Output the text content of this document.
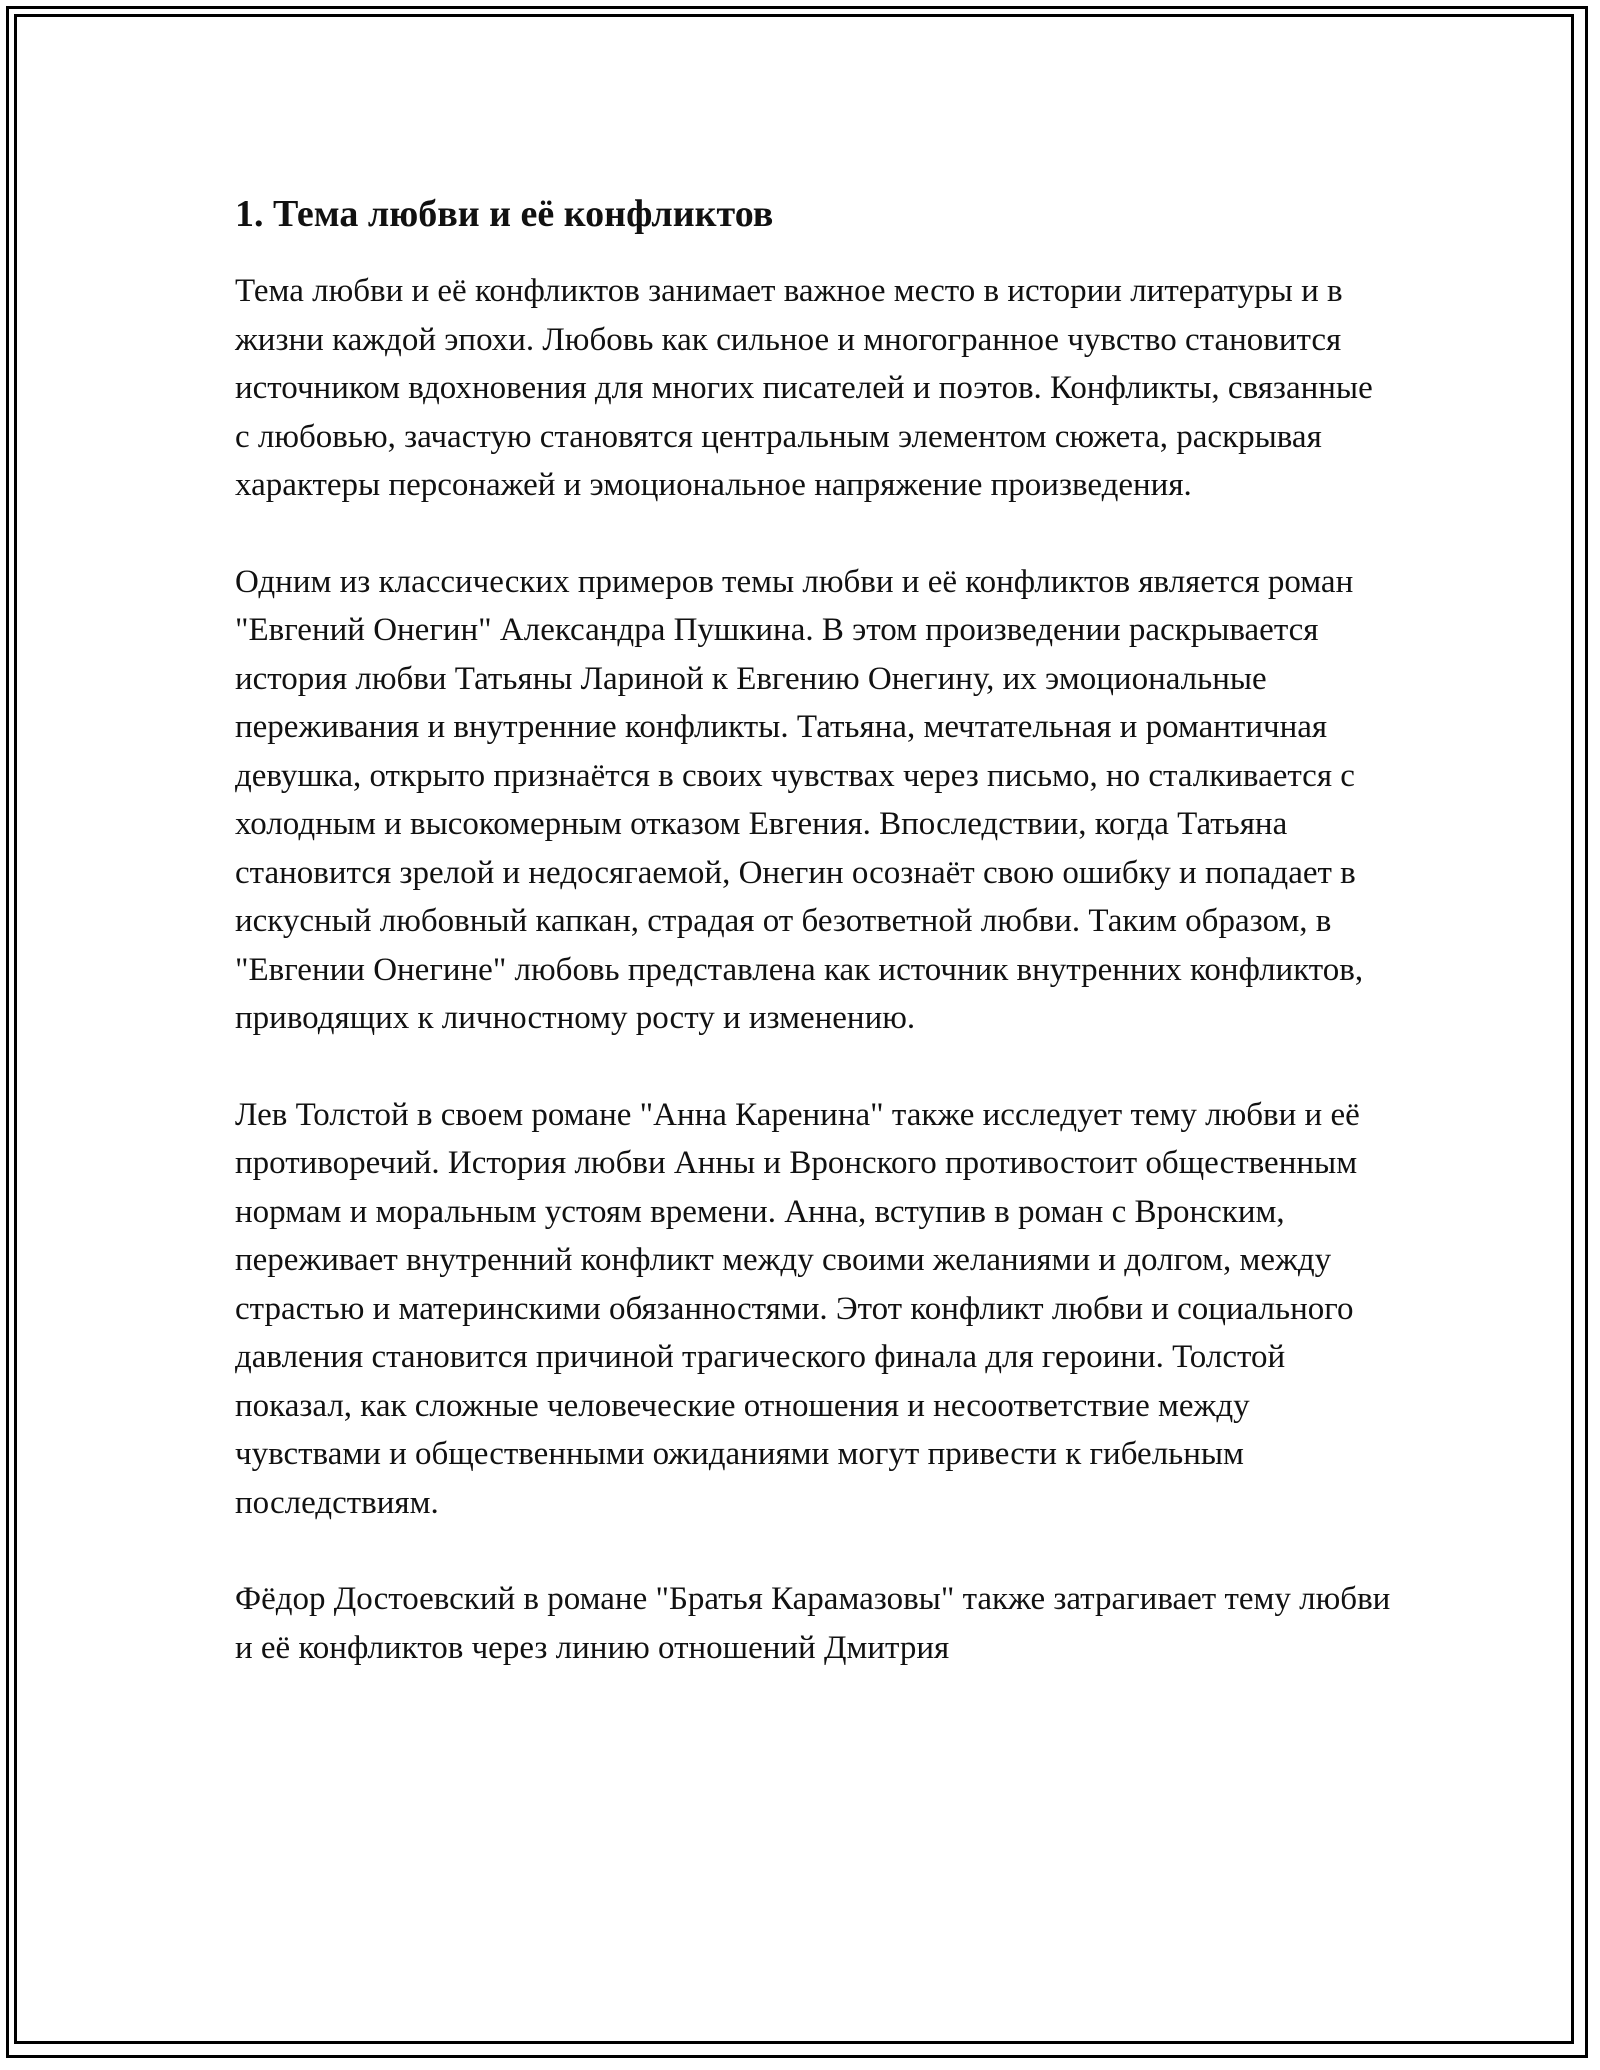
1. Тема любви и её конфликтов

Тема любви и её конфликтов занимает важное место в истории литературы и в жизни каждой эпохи. Любовь как сильное и многогранное чувство становится источником вдохновения для многих писателей и поэтов. Конфликты, связанные с любовью, зачастую становятся центральным элементом сюжета, раскрывая характеры персонажей и эмоциональное напряжение произведения.

Одним из классических примеров темы любви и её конфликтов является роман "Евгений Онегин" Александра Пушкина. В этом произведении раскрывается история любви Татьяны Лариной к Евгению Онегину, их эмоциональные переживания и внутренние конфликты. Татьяна, мечтательная и романтичная девушка, открыто признаётся в своих чувствах через письмо, но сталкивается с холодным и высокомерным отказом Евгения. Впоследствии, когда Татьяна становится зрелой и недосягаемой, Онегин осознаёт свою ошибку и попадает в искусный любовный капкан, страдая от безответной любви. Таким образом, в "Евгении Онегине" любовь представлена как источник внутренних конфликтов, приводящих к личностному росту и изменению.

Лев Толстой в своем романе "Анна Каренина" также исследует тему любви и её противоречий. История любви Анны и Вронского противостоит общественным нормам и моральным устоям времени. Анна, вступив в роман с Вронским, переживает внутренний конфликт между своими желаниями и долгом, между страстью и материнскими обязанностями. Этот конфликт любви и социального давления становится причиной трагического финала для героини. Толстой показал, как сложные человеческие отношения и несоответствие между чувствами и общественными ожиданиями могут привести к гибельным последствиям.

Фёдор Достоевский в романе "Братья Карамазовы" также затрагивает тему любви и её конфликтов через линию отношений Дмитрия
